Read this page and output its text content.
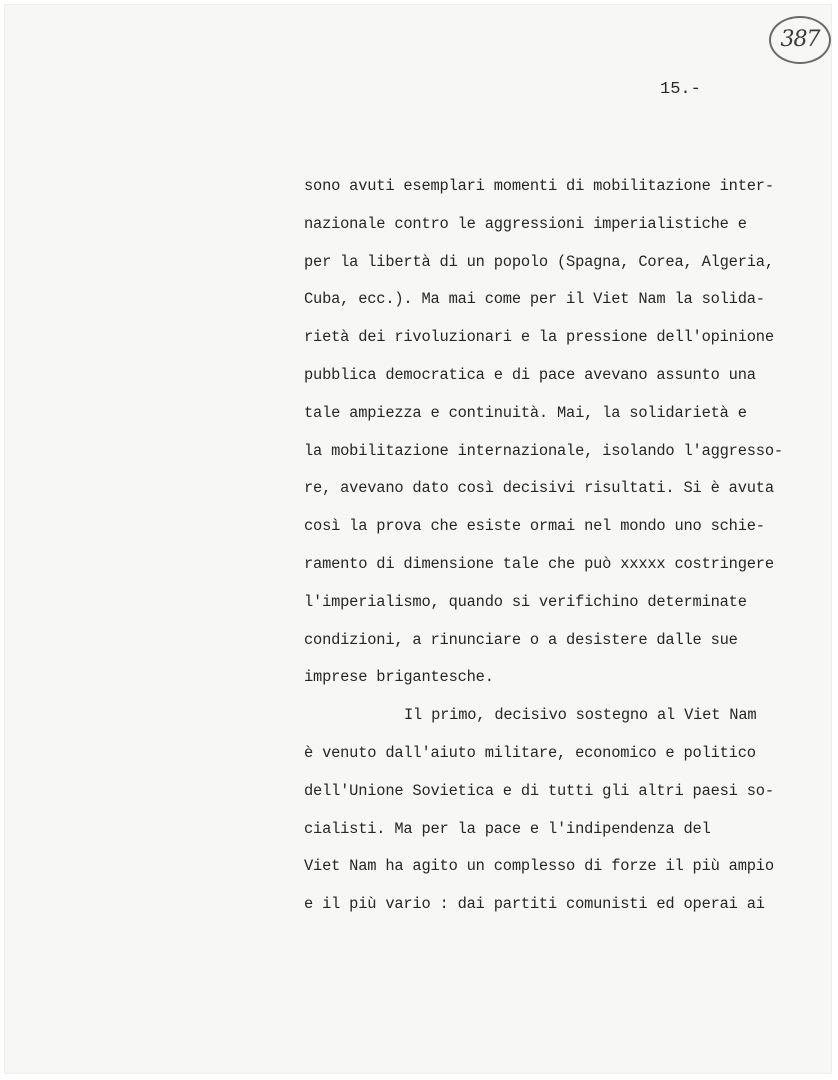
387
15.-
sono avuti esemplari momenti di mobilitazione inter-
nazionale contro le aggressioni imperialistiche e
per la libertà di un popolo (Spagna, Corea, Algeria,
Cuba, ecc.). Ma mai come per il Viet Nam la solida-
rietà dei rivoluzionari e la pressione dell'opinione
pubblica democratica e di pace avevano assunto una
tale ampiezza e continuità. Mai, la solidarietà e
la mobilitazione internazionale, isolando l'aggresso-
re, avevano dato così decisivi risultati. Si è avuta
così la prova che esiste ormai nel mondo uno schie-
ramento di dimensione tale che può xxxxx costringere
l'imperialismo, quando si verifichino determinate
condizioni, a rinunciare o a desistere dalle sue
imprese brigantesche.
Il primo, decisivo sostegno al Viet Nam
è venuto dall'aiuto militare, economico e politico
dell'Unione Sovietica e di tutti gli altri paesi so-
cialisti. Ma per la pace e l'indipendenza del
Viet Nam ha agito un complesso di forze il più ampio
e il più vario : dai partiti comunisti ed operai ai
